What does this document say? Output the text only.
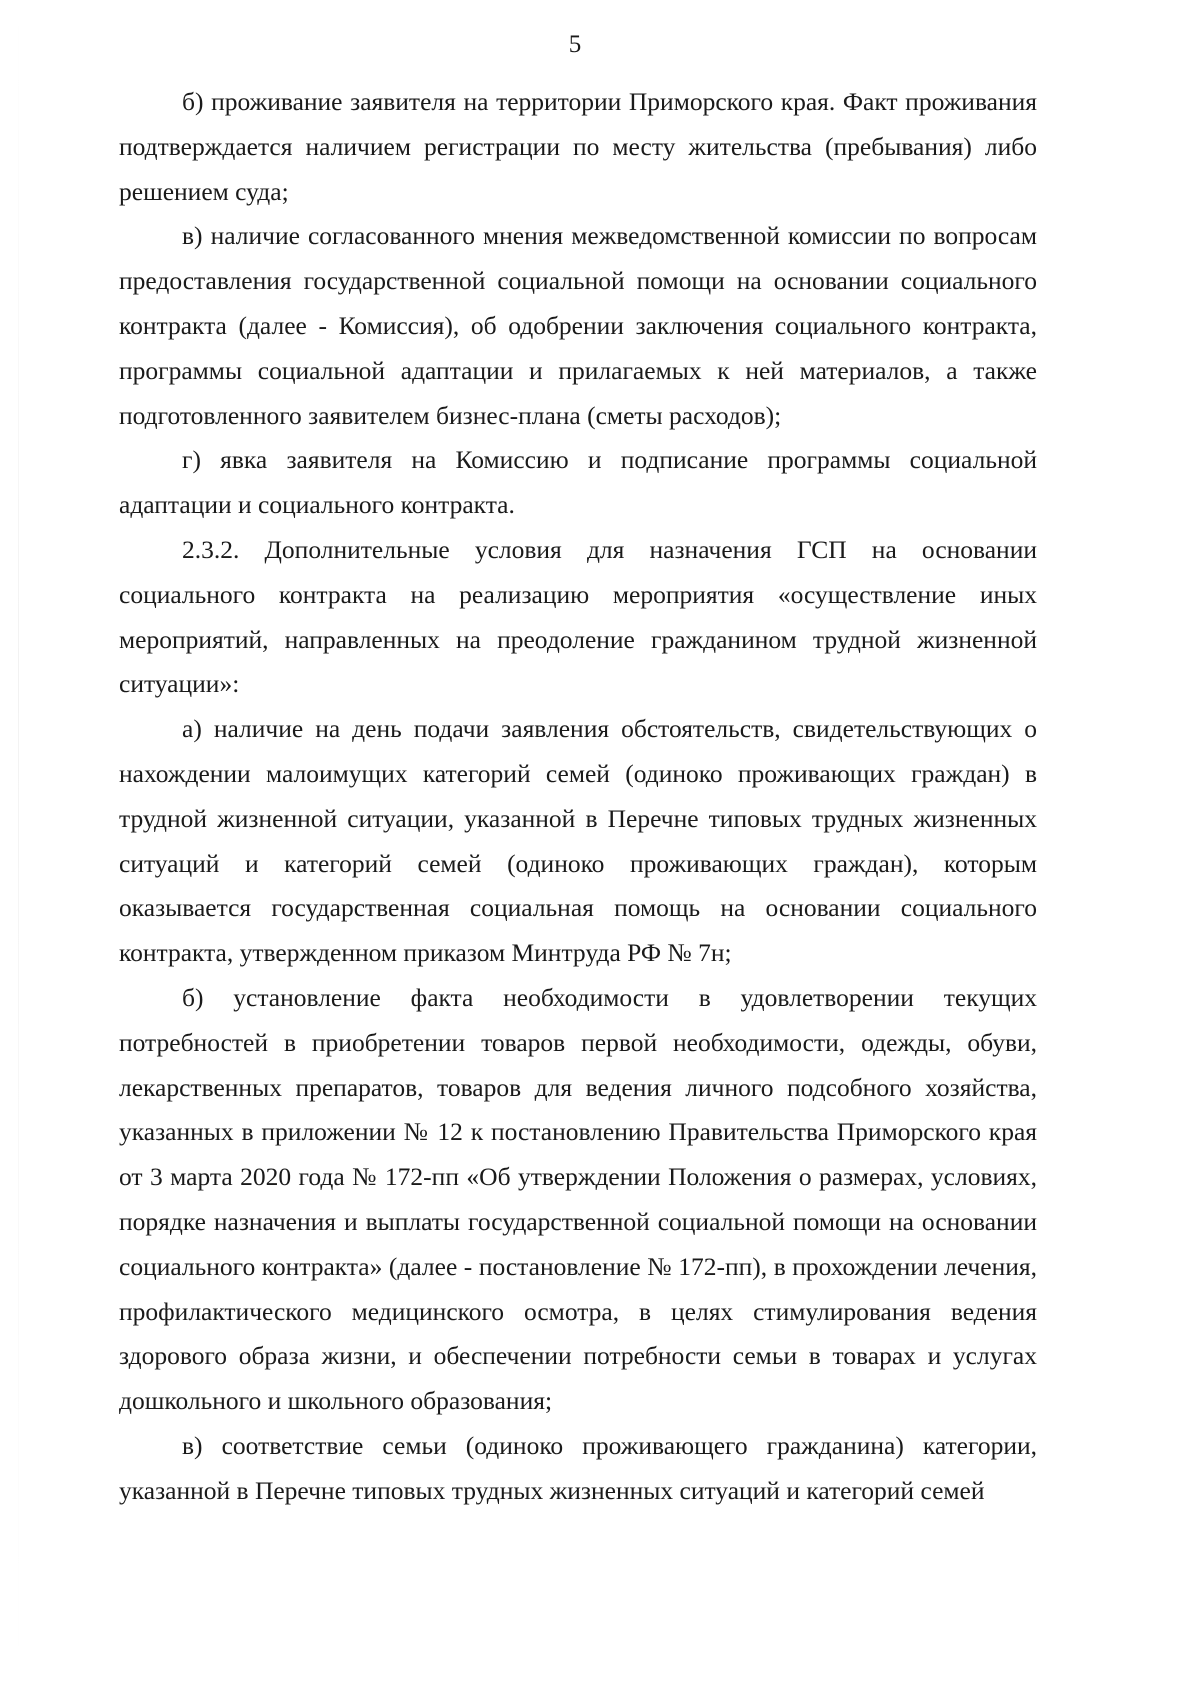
5

б) проживание заявителя на территории Приморского края. Факт проживания подтверждается наличием регистрации по месту жительства (пребывания) либо решением суда;

в) наличие согласованного мнения межведомственной комиссии по вопросам предоставления государственной социальной помощи на основании социального контракта (далее - Комиссия), об одобрении заключения социального контракта, программы социальной адаптации и прилагаемых к ней материалов, а также подготовленного заявителем бизнес-плана (сметы расходов);

г) явка заявителя на Комиссию и подписание программы социальной адаптации и социального контракта.

2.3.2. Дополнительные условия для назначения ГСП на основании социального контракта на реализацию мероприятия «осуществление иных мероприятий, направленных на преодоление гражданином трудной жизненной ситуации»:

а) наличие на день подачи заявления обстоятельств, свидетельствующих о нахождении малоимущих категорий семей (одиноко проживающих граждан) в трудной жизненной ситуации, указанной в Перечне типовых трудных жизненных ситуаций и категорий семей (одиноко проживающих граждан), которым оказывается государственная социальная помощь на основании социального контракта, утвержденном приказом Минтруда РФ № 7н;

б) установление факта необходимости в удовлетворении текущих потребностей в приобретении товаров первой необходимости, одежды, обуви, лекарственных препаратов, товаров для ведения личного подсобного хозяйства, указанных в приложении № 12 к постановлению Правительства Приморского края от 3 марта 2020 года № 172-пп «Об утверждении Положения о размерах, условиях, порядке назначения и выплаты государственной социальной помощи на основании социального контракта» (далее - постановление № 172-пп), в прохождении лечения, профилактического медицинского осмотра, в целях стимулирования ведения здорового образа жизни, и обеспечении потребности семьи в товарах и услугах дошкольного и школьного образования;

в) соответствие семьи (одиноко проживающего гражданина) категории, указанной в Перечне типовых трудных жизненных ситуаций и категорий семей
